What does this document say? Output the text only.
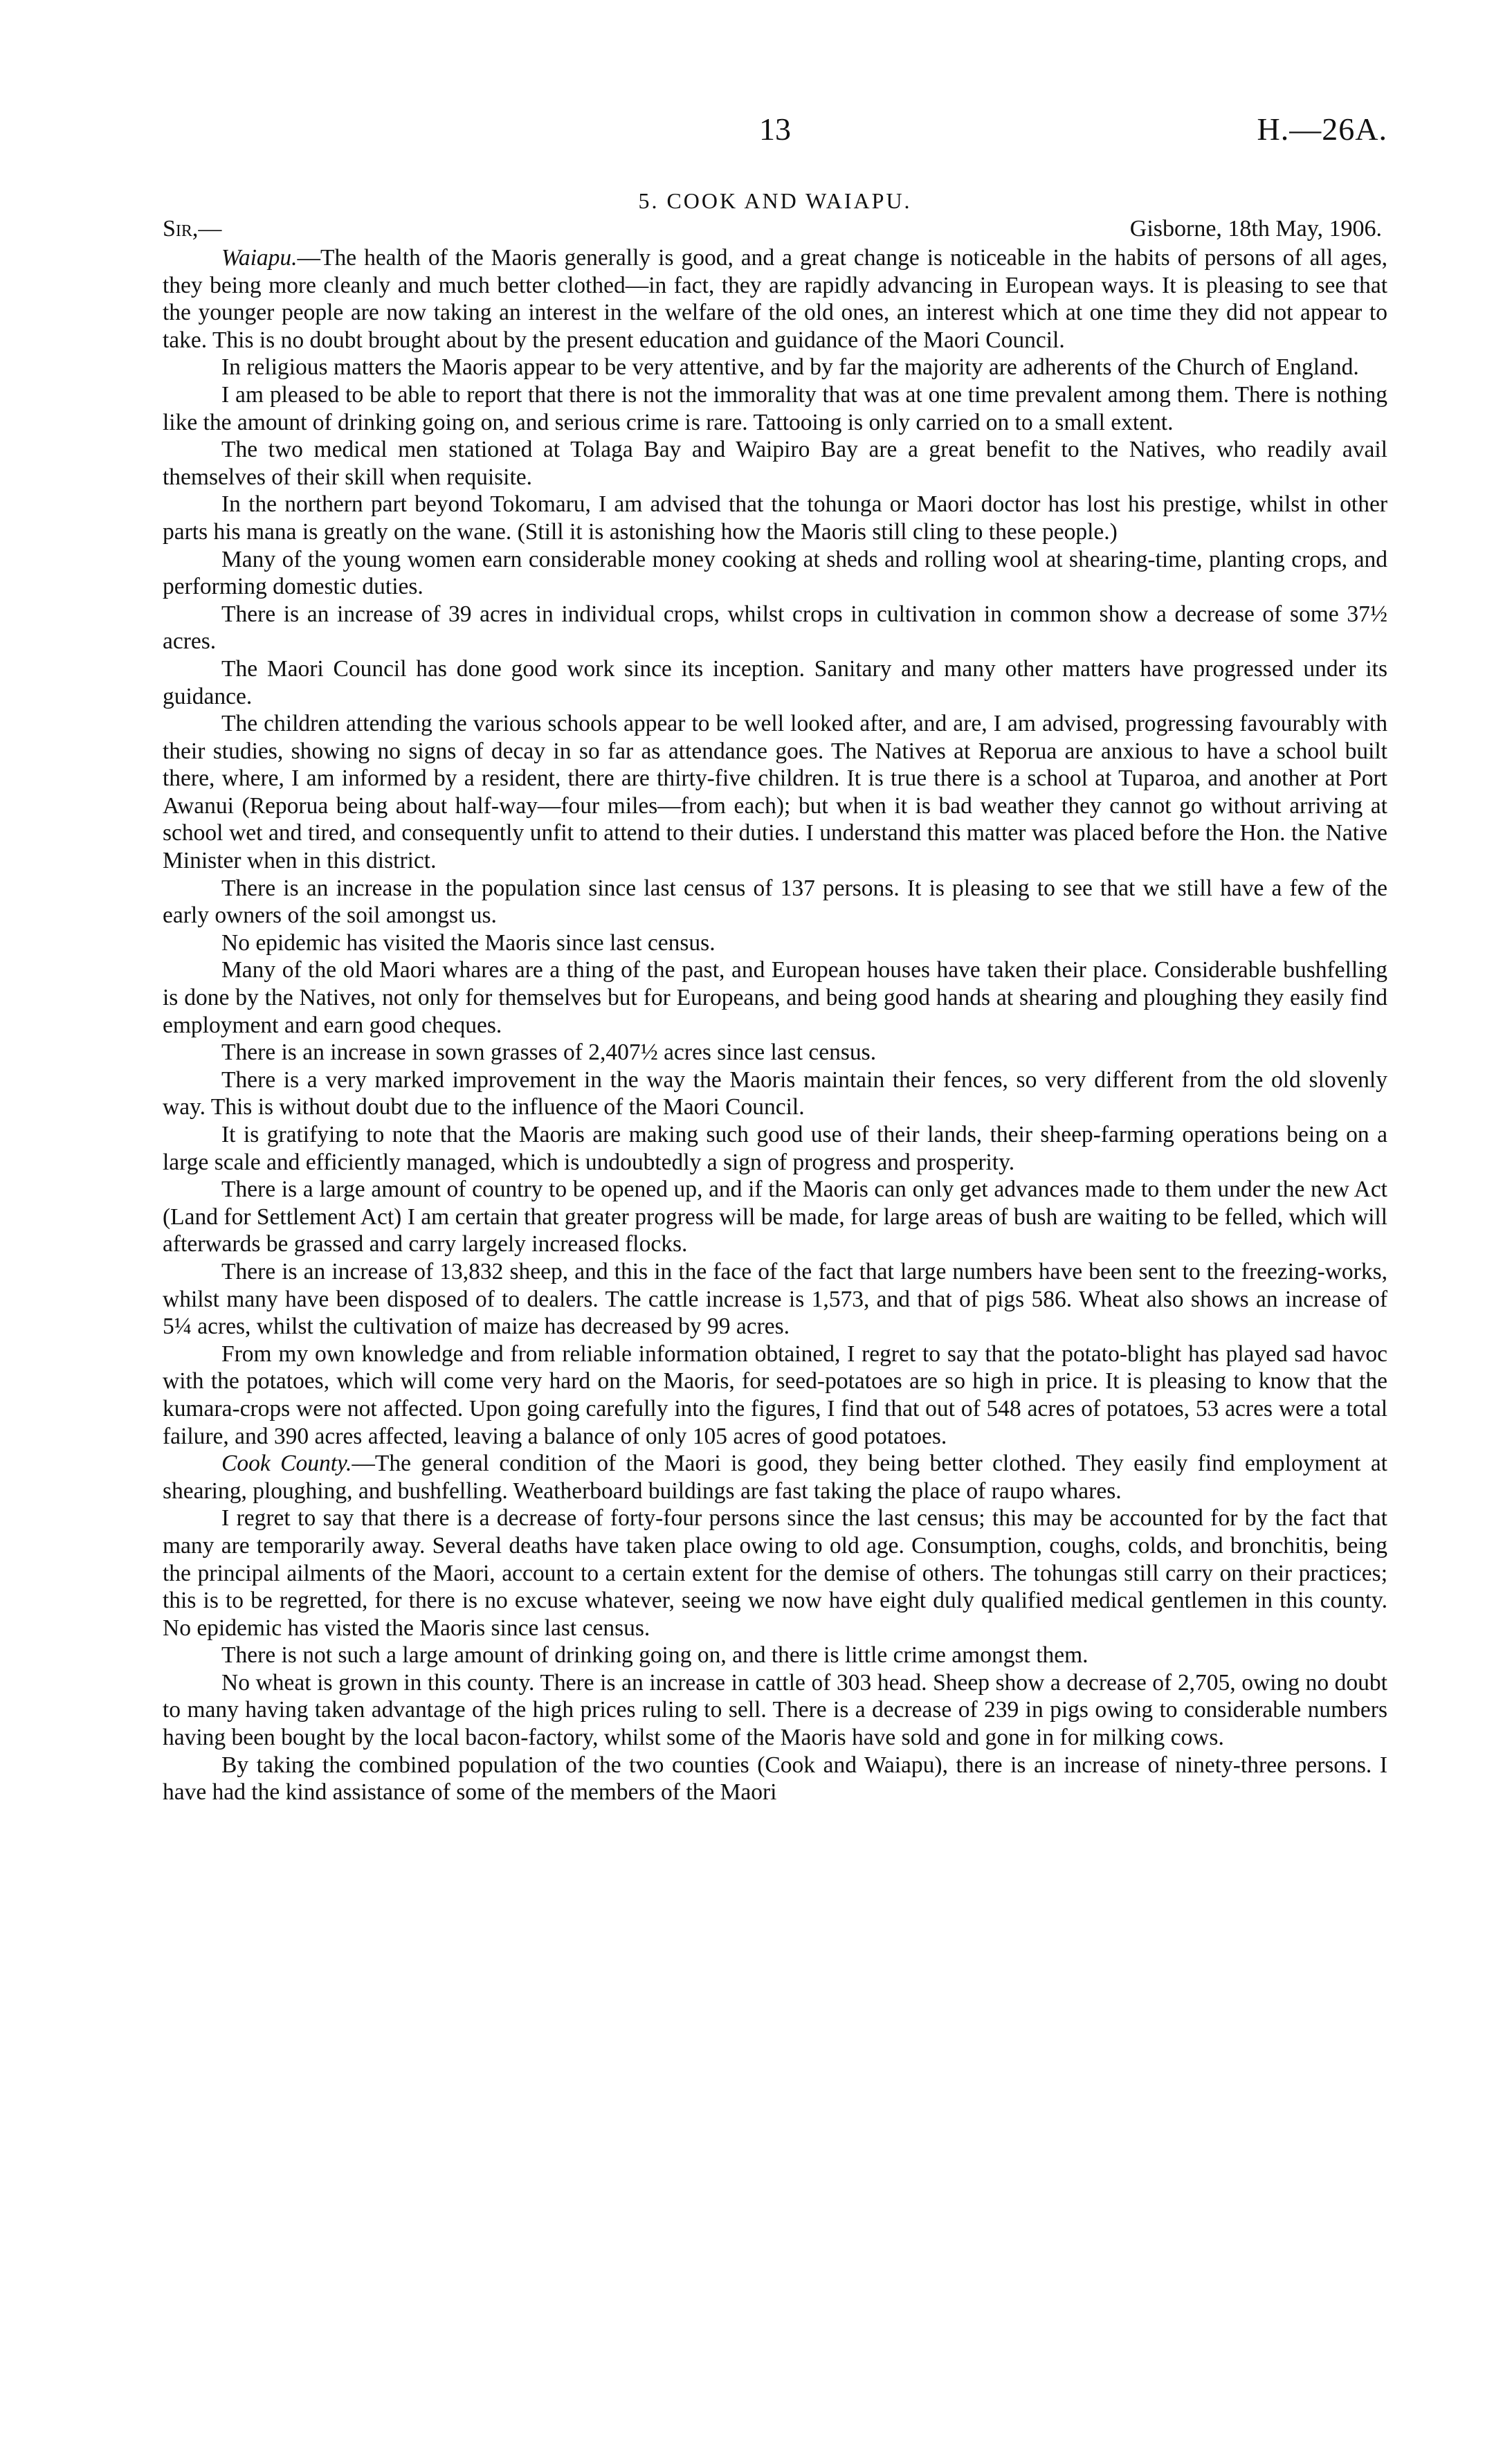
13	H.—26A.
5. COOK AND WAIAPU.
Sir,—	Gisborne, 18th May, 1906.

Waiapu.—The health of the Maoris generally is good, and a great change is noticeable in the habits of persons of all ages, they being more cleanly and much better clothed—in fact, they are rapidly advancing in European ways. It is pleasing to see that the younger people are now taking an interest in the welfare of the old ones, an interest which at one time they did not appear to take. This is no doubt brought about by the present education and guidance of the Maori Council.

In religious matters the Maoris appear to be very attentive, and by far the majority are adherents of the Church of England.

I am pleased to be able to report that there is not the immorality that was at one time prevalent among them. There is nothing like the amount of drinking going on, and serious crime is rare. Tattooing is only carried on to a small extent.

The two medical men stationed at Tolaga Bay and Waipiro Bay are a great benefit to the Natives, who readily avail themselves of their skill when requisite.

In the northern part beyond Tokomaru, I am advised that the tohunga or Maori doctor has lost his prestige, whilst in other parts his mana is greatly on the wane. (Still it is astonishing how the Maoris still cling to these people.)

Many of the young women earn considerable money cooking at sheds and rolling wool at shearing-time, planting crops, and performing domestic duties.

There is an increase of 39 acres in individual crops, whilst crops in cultivation in common show a decrease of some 37½ acres.

The Maori Council has done good work since its inception. Sanitary and many other matters have progressed under its guidance.

The children attending the various schools appear to be well looked after, and are, I am advised, progressing favourably with their studies, showing no signs of decay in so far as attendance goes. The Natives at Reporua are anxious to have a school built there, where, I am informed by a resident, there are thirty-five children. It is true there is a school at Tuparoa, and another at Port Awanui (Reporua being about half-way—four miles—from each); but when it is bad weather they cannot go without arriving at school wet and tired, and consequently unfit to attend to their duties. I understand this matter was placed before the Hon. the Native Minister when in this district.

There is an increase in the population since last census of 137 persons. It is pleasing to see that we still have a few of the early owners of the soil amongst us.

No epidemic has visited the Maoris since last census.

Many of the old Maori whares are a thing of the past, and European houses have taken their place. Considerable bushfelling is done by the Natives, not only for themselves but for Europeans, and being good hands at shearing and ploughing they easily find employment and earn good cheques.

There is an increase in sown grasses of 2,407½ acres since last census.

There is a very marked improvement in the way the Maoris maintain their fences, so very different from the old slovenly way. This is without doubt due to the influence of the Maori Council.

It is gratifying to note that the Maoris are making such good use of their lands, their sheep-farming operations being on a large scale and efficiently managed, which is undoubtedly a sign of progress and prosperity.

There is a large amount of country to be opened up, and if the Maoris can only get advances made to them under the new Act (Land for Settlement Act) I am certain that greater progress will be made, for large areas of bush are waiting to be felled, which will afterwards be grassed and carry largely increased flocks.

There is an increase of 13,832 sheep, and this in the face of the fact that large numbers have been sent to the freezing-works, whilst many have been disposed of to dealers. The cattle increase is 1,573, and that of pigs 586. Wheat also shows an increase of 5¼ acres, whilst the cultivation of maize has decreased by 99 acres.

From my own knowledge and from reliable information obtained, I regret to say that the potato-blight has played sad havoc with the potatoes, which will come very hard on the Maoris, for seed-potatoes are so high in price. It is pleasing to know that the kumara-crops were not affected. Upon going carefully into the figures, I find that out of 548 acres of potatoes, 53 acres were a total failure, and 390 acres affected, leaving a balance of only 105 acres of good potatoes.

Cook County.—The general condition of the Maori is good, they being better clothed. They easily find employment at shearing, ploughing, and bushfelling. Weatherboard buildings are fast taking the place of raupo whares.

I regret to say that there is a decrease of forty-four persons since the last census; this may be accounted for by the fact that many are temporarily away. Several deaths have taken place owing to old age. Consumption, coughs, colds, and bronchitis, being the principal ailments of the Maori, account to a certain extent for the demise of others. The tohungas still carry on their practices; this is to be regretted, for there is no excuse whatever, seeing we now have eight duly qualified medical gentlemen in this county. No epidemic has visted the Maoris since last census.

There is not such a large amount of drinking going on, and there is little crime amongst them.

No wheat is grown in this county. There is an increase in cattle of 303 head. Sheep show a decrease of 2,705, owing no doubt to many having taken advantage of the high prices ruling to sell. There is a decrease of 239 in pigs owing to considerable numbers having been bought by the local bacon-factory, whilst some of the Maoris have sold and gone in for milking cows.

By taking the combined population of the two counties (Cook and Waiapu), there is an increase of ninety-three persons. I have had the kind assistance of some of the members of the Maori
